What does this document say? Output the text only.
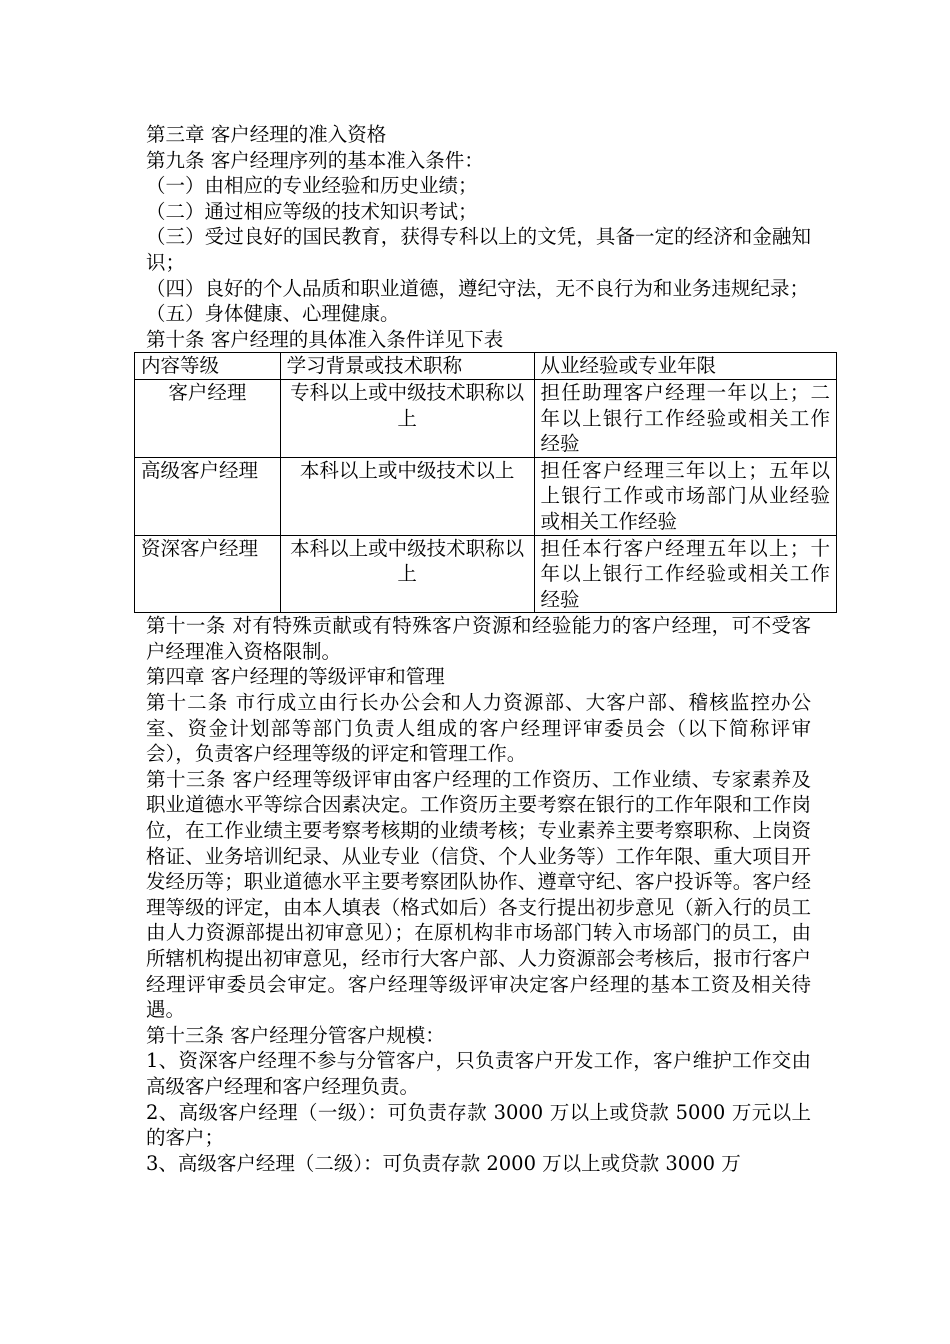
第三章 客户经理的准入资格

第九条 客户经理序列的基本准入条件：

（一）由相应的专业经验和历史业绩；

（二）通过相应等级的技术知识考试；

（三）受过良好的国民教育，获得专科以上的文凭，具备一定的经济和金融知识；

（四）良好的个人品质和职业道德，遵纪守法，无不良行为和业务违规纪录；

（五）身体健康、心理健康。

第十条 客户经理的具体准入条件详见下表

内容等级	学习背景或技术职称	从业经验或专业年限
客户经理	专科以上或中级技术职称以上	担任助理客户经理一年以上；二年以上银行工作经验或相关工作经验
高级客户经理	本科以上或中级技术以上	担任客户经理三年以上；五年以上银行工作或市场部门从业经验或相关工作经验
资深客户经理	本科以上或中级技术职称以上	担任本行客户经理五年以上；十年以上银行工作经验或相关工作经验

第十一条 对有特殊贡献或有特殊客户资源和经验能力的客户经理，可不受客户经理准入资格限制。

第四章 客户经理的等级评审和管理

第十二条 市行成立由行长办公会和人力资源部、大客户部、稽核监控办公室、资金计划部等部门负责人组成的客户经理评审委员会（以下简称评审会），负责客户经理等级的评定和管理工作。

第十三条 客户经理等级评审由客户经理的工作资历、工作业绩、专家素养及职业道德水平等综合因素决定。工作资历主要考察在银行的工作年限和工作岗位，在工作业绩主要考察考核期的业绩考核；专业素养主要考察职称、上岗资格证、业务培训纪录、从业专业（信贷、个人业务等）工作年限、重大项目开发经历等；职业道德水平主要考察团队协作、遵章守纪、客户投诉等。客户经理等级的评定，由本人填表（格式如后）各支行提出初步意见（新入行的员工由人力资源部提出初审意见）；在原机构非市场部门转入市场部门的员工，由所辖机构提出初审意见，经市行大客户部、人力资源部会考核后，报市行客户经理评审委员会审定。客户经理等级评审决定客户经理的基本工资及相关待遇。

第十三条 客户经理分管客户规模：

1、资深客户经理不参与分管客户，只负责客户开发工作，客户维护工作交由高级客户经理和客户经理负责。

2、高级客户经理（一级）：可负责存款 3000 万以上或贷款 5000 万元以上的客户；

3、高级客户经理（二级）：可负责存款 2000 万以上或贷款 3000 万
